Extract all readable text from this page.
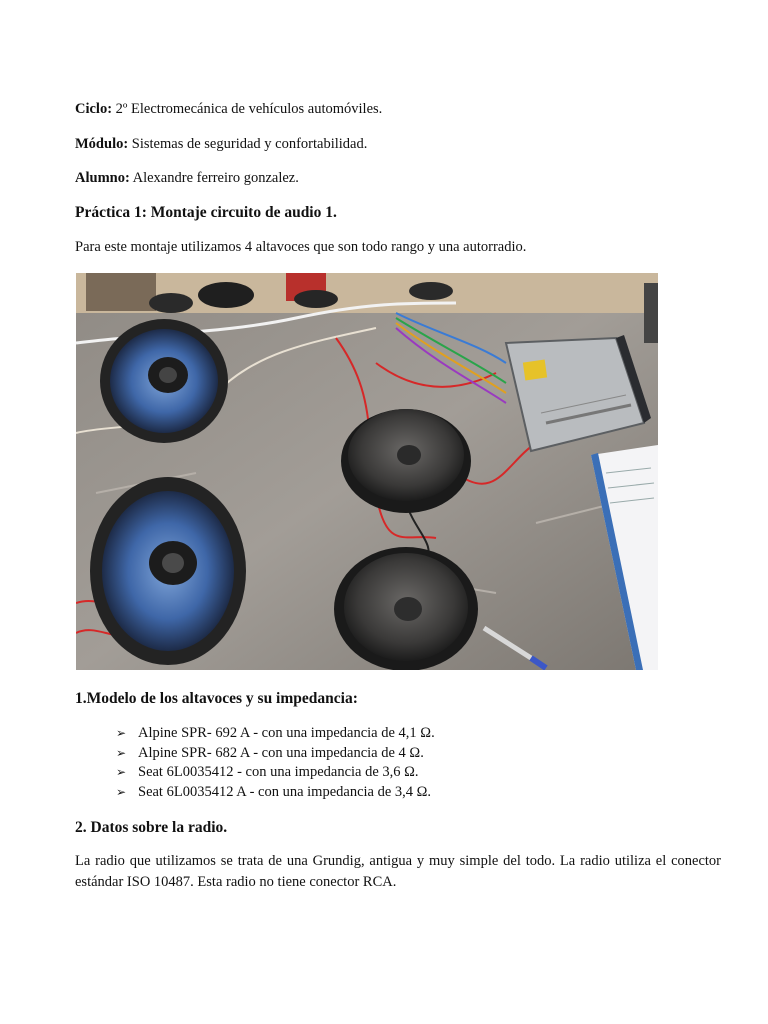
Ciclo: 2º Electromecánica de vehículos automóviles.
Módulo: Sistemas de seguridad y confortabilidad.
Alumno: Alexandre ferreiro gonzalez.
Práctica 1: Montaje circuito de audio 1.
Para este montaje utilizamos 4 altavoces que son todo rango y una autorradio.
1.Modelo de los altavoces y su impedancia:
➢ Alpine SPR- 692 A - con una impedancia de 4,1 Ω.
➢ Alpine SPR- 682 A - con una impedancia de 4 Ω.
➢ Seat 6L0035412 - con una impedancia de 3,6 Ω.
➢ Seat 6L0035412 A - con una impedancia de 3,4 Ω.
2. Datos sobre la radio.
La radio que utilizamos se trata de una Grundig, antigua y muy simple del todo. La radio utiliza el conector estándar ISO 10487. Esta radio no tiene conector RCA.
